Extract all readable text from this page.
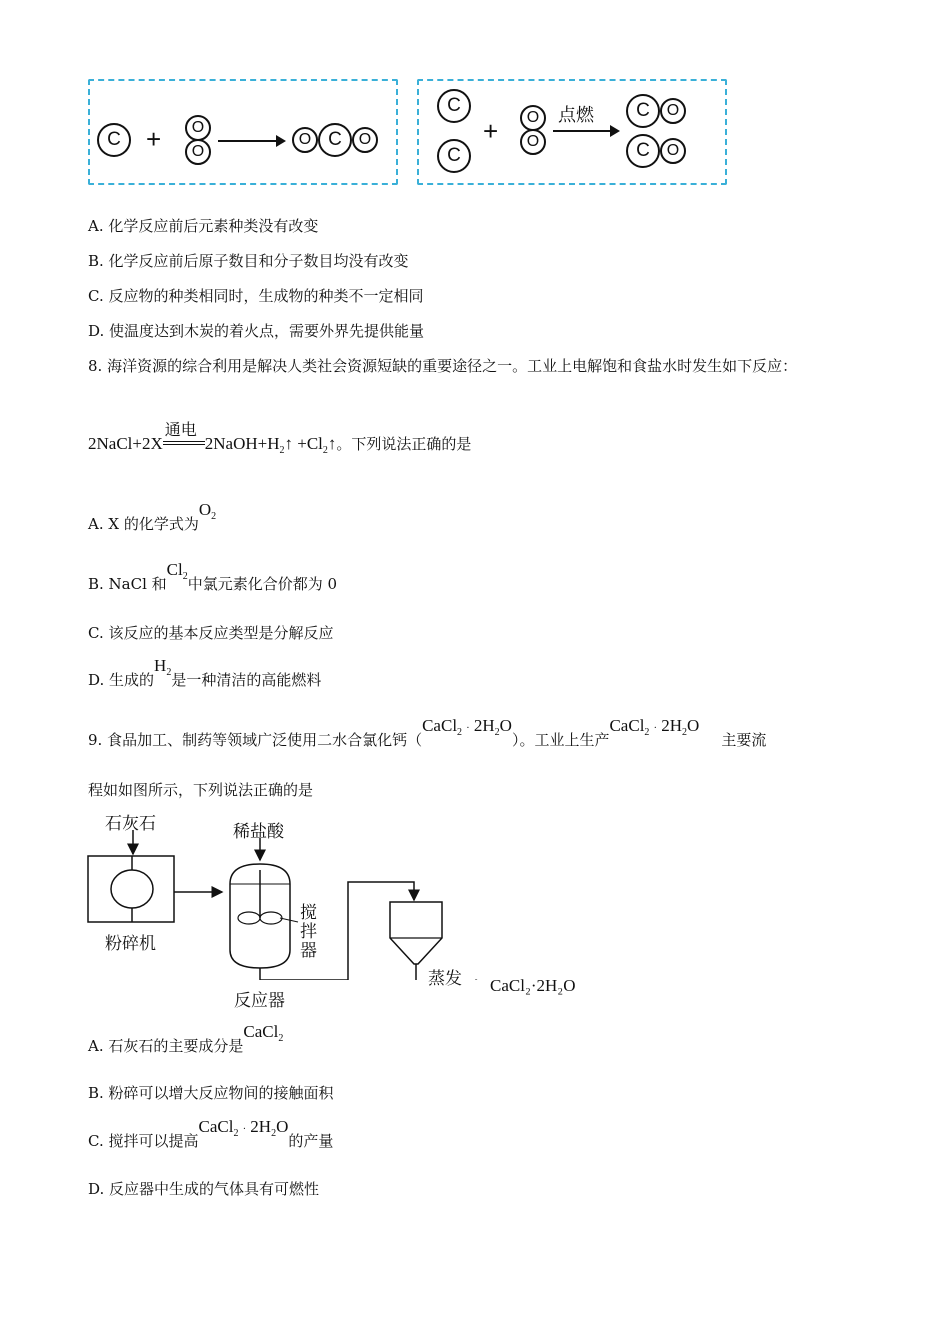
C +	O
O
O C	O
C
C
+	O
O
点燃	C	O
C	O
A. 化学反应前后元素种类没有改变
B. 化学反应前后原子数目和分子数目均没有改变
C. 反应物的种类相同时，生成物的种类不一定相同
D. 使温度达到木炭的着火点，需要外界先提供能量
8. 海洋资源的综合利用是解决人类社会资源短缺的重要途径之一。工业上电解饱和食盐水时发生如下反应：
2NaCl+2X
通电
$2NaOH+H_2↑$ $+Cl_2↑$。下列说法正确的是
A. X 的化学式为$O_2$
B. NaCl 和$Cl_2$中氯元素化合价都为 0
C. 该反应的基本反应类型是分解反应
D. 生成的$H_2$是一种清洁的高能燃料
9. 食品加工、制药等领域广泛使用二水合氯化钙（CaCl$_2$ · $2H_2O$）。工业上生产CaCl$_2$ · $2H_2O$主要流
程如如图所示，下列说法正确的是
石灰石	稀盐酸
搅
拌
器
粉碎机
反应器
蒸发 CaCl₂·2H₂O
A. 石灰石的主要成分是CaCl$_2$
B. 粉碎可以增大反应物间的接触面积
C. 搅拌可以提高CaCl$_2$ · $2H_2O$的产量
D. 反应器中生成的气体具有可燃性
